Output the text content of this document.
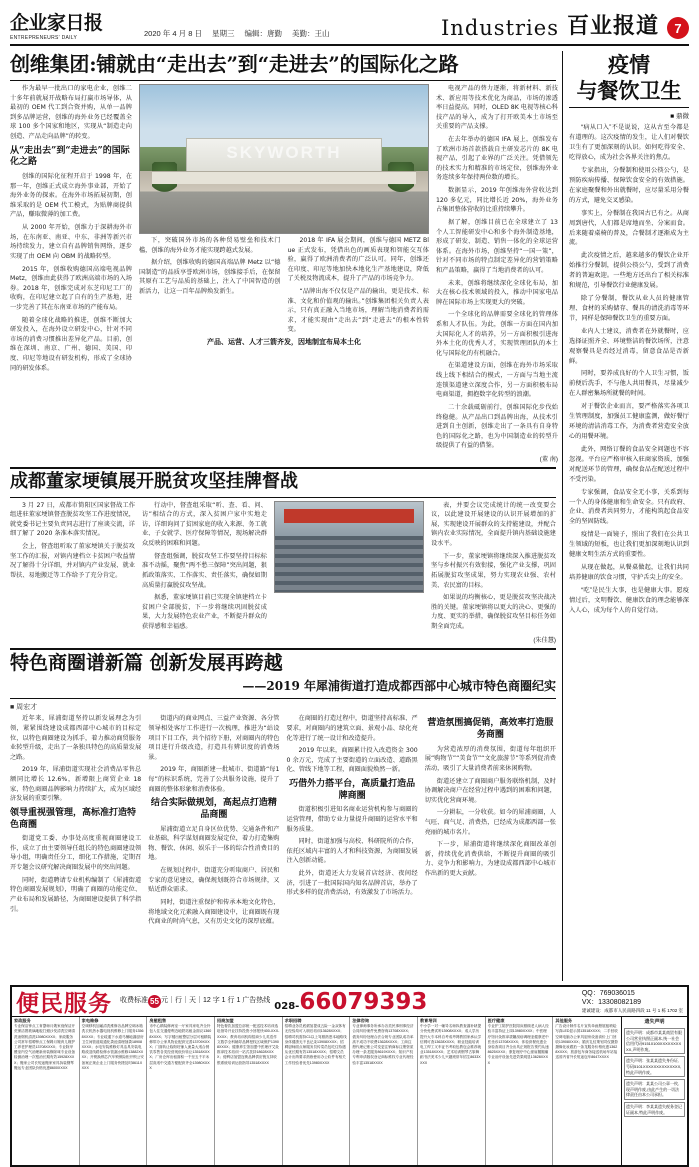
企业家日报
ENTREPRENEURS' DAILY	2020 年 4 月 8 日 星期三 编辑：唐勤 美勤：王山	Industries 百业报道	7
创维集团:铺就由“走出去”到“走进去”的国际化之路

作为最早一批出口的家电企业，创维二十多年前就展开战略布局打赢市场导体，从最初的 OEM 代工到合资并购，从单一品牌到多品牌运营，创维的海外业务已经覆盖全球 100 多个国家和地区，实现从“制造走向创造、产品走向品牌”的转变。

从“走出去”到“走进去”的国际化之路

创维的国际化征程开启于 1998 年，在那一年，创维正式成立海外事业部，开始了海外业务的探索。在海外市场拓展初期，创维采取的是 OEM 代工模式，为贴牌商提供产品，赚取微薄的加工费。

从 2000 年开始，创维力于深耕海外市场，在东南亚、南亚、中东、非洲等新兴市场持续发力，建立自有品牌销售网络，逐步实现了由 OEM 向 OBM 的战略转型。

2015 年，创维收购德国高端电视品牌 Metz，创维由此获得了欧洲高端市场的入场券。2018 年，创维完成对东芝印尼工厂的收购，在印尼建立起了自有的生产基地，进一步完善了其在东南亚市场的产能布局。

随着全球化战略的推进，创维不断加大研发投入，在海外设立研发中心，针对不同市场的消费习惯推出差异化产品。目前，创维在深圳、南京、广州、德国、美国、印度、印尼等地设有研发机构，形成了全球协同的研发体系。

SKYWORTH

下，突破国外市场的各种贸易壁垒和技术门槛，创维的海外业务才能实现跨越式发展。

据介绍，创维收购的德国高端品牌 Metz 以“德国制造”的品质享誉欧洲市场，创维接手后，在保留其原有工艺与品质的基础上，注入了中国智造的创新活力，让这一百年品牌焕发新生。

2018 年 IFA 展会期间，创维与德国 METZ Blue 正式发布，凭借出色的画质表现和智能交互体验，赢得了欧洲消费者的广泛认可。同年，创维还在印度、印尼等地加快本地化生产基地建设，降低了关税及物流成本，提升了产品的市场竞争力。

“品牌出海不仅仅是产品的输出，更是技术、标准、文化和价值观的输出。”创维集团相关负责人表示，只有真正融入当地市场，理解当地消费者的需求，才能实现由“走出去”到“走进去”的根本性转变。

产品、运营、人才三箭齐发，因地制宜布局本土化

电视产品的替力逐渐，将新材料、新技术、新应用等技术优化为商品，市场的渗透率日益提高。同时，OLED 8K 电视等核心科技产品的导入，成为了打开欧美本土市场至关重要的产品支撑。

在去年举办的德国 IFA 展上，创维发布了欧洲市场首款搭载自主研发芯片的 8K 电视产品，引起了业界的广泛关注。凭借领先的技术实力和精准的市场定位，创维海外业务连续多年保持两位数的增长。

数据显示，2019 年创维海外营收达到 120 多亿元，同比增长近 20%，海外业务占集团整体营收的比重持续攀升。

据了解，创维目前已在全球建立了 13 个人工智能研发中心和多个海外制造基地，形成了研发、制造、销售一体化的全球运营体系。在海外市场，创维坚持“一国一策”，针对不同市场的特点制定差异化的营销策略和产品策略，赢得了当地消费者的认可。

未来，创维将继续深化全球化布局，加大在核心技术领域的投入，推动中国家电品牌在国际市场上实现更大的突破。

一个全球化的品牌需要全球化的管理体系和人才队伍。为此，创维一方面在国内加大国际化人才的培养，另一方面积极引进海外本土化的优秀人才，实现管理团队的本土化与国际化的有机融合。

在渠道建设方面，创维在海外市场采取线上线下相结合的模式，一方面与当地主流连锁渠道建立深度合作，另一方面积极布局电商渠道，拥抱数字化转型的浪潮。

二十余载砥砺前行，创维国际化步伐始终稳健。从产品出口到品牌出海，从技术引进到自主创新，创维走出了一条具有自身特色的国际化之路，也为中国制造业的转型升级提供了有益的借鉴。

(董 南)
成都董家埂镇展开脱贫攻坚挂牌督战

3 月 27 日，成都市简阳区国家督战工作组进驻董家埂镇督查脱贫攻坚工作进度情况，就党委书记主要负责同志进行了座谈交流，详细了解了 2020 条准本落实情况。

会上，督查组听取了董家埂镇关于脱贫攻坚工作的汇报，对镇内建档立卡贫困户收益情况了解得十分详细，并对镇内产业发展、就业帮扶、易地搬迁等工作给予了充分肯定。

行动中，督查组采取“听、查、看、问、访”相结合的方式，深入贫困户家中实地走访，详细询问了贫困家庭的收入来源、务工就业、子女就学、医疗保障等情况，现场解决群众反映的困难和问题。

督查组强调，脱贫攻坚工作要坚持目标标准不动摇，聚焦“两不愁三保障”突出问题，狠抓政策落实、工作落实、责任落实，确保如期高质量打赢脱贫攻坚战。

据悉，董家埂镇目前已实现全镇建档立卡贫困户全部脱贫，下一步将继续巩固脱贫成果，大力发展特色农业产业，不断提升群众的获得感和幸福感。

表，并要会议完成统计的统一改变要会议，以此建设开展建设的认识开展增加的扩展，实现建设开展群众的支持能建设，并配合镇内农业实际情况，全面提升镇内基础设施建设水平。

下一步，董家埂镇将继续深入推进脱贫攻坚与乡村振兴有效衔接，强化产业支撑，巩固拓展脱贫攻坚成果，努力实现农业强、农村美、农民富的目标。

如果说的均衡核心，更是脱贫攻坚决战决胜的关键。董家埂镇将以更大的决心、更强的力度、更实的举措，确保脱贫攻坚目标任务如期全面完成。

(朱佳慧)
特色商圈谱新篇 创新发展再跨越
——2019 年犀浦街道打造成都西部中心城市特色商圈纪实
■ 周宏才

近年来，犀浦街道坚持以新发展理念为引领，紧紧围绕建设成都西部中心城市的目标定位，以特色商圈建设为抓手，着力推动商贸服务业转型升级，走出了一条独具特色的高质量发展之路。

2019 年，犀浦街道实现社会消费品零售总额同比增长 12.6%，新增限上商贸企业 18 家，特色商圈品牌影响力持续扩大，成为区域经济发展的重要引擎。

领导重视强管理，高标准打造特色商圈

街道党工委、办事处高度重视商圈建设工作，成立了由主要领导任组长的特色商圈建设领导小组，明确责任分工，细化工作措施，定期召开专题会议研究解决商圈发展中的突出问题。

同时，街道聘请专业机构编制了《犀浦街道特色商圈发展规划》，明确了商圈的功能定位、产业布局和发展路径，为商圈建设提供了科学指引。

街道内的商业网点、三益产业资源、各分管领导相处客厅工作进行一次梳理，推进为“站设项目下目工作，共个招待下册，对商圈内的特色项目进行升级改造，打造具有辨识度的消费场景。

2019 年，商圈新建一批城市、街道路“每1每”的标识系统，完善了公共服务设施，提升了商圈的整体形象和消费体验。

结合实际做规划，高起点打造精品商圈

犀浦街道立足自身区位优势、交通条件和产业基础，科学谋划商圈发展定位，着力打造集购物、餐饮、休闲、娱乐于一体的综合性消费目的地。

在规划过程中，街道充分听取商户、居民和专家的意见建议，确保规划既符合市场规律，又贴近群众需求。

同时，街道注重保护和传承本地文化特色，将地域文化元素融入商圈建设中，让商圈既有现代商业的时尚气息，又有历史文化的深厚底蕴。

在商圈的打造过程中，街道坚持高标准、严要求，对商圈内的建筑立面、景观小品、绿化亮化等进行了统一设计和改造提升。

2019 年以来，商圈累计投入改造资金 3000 余万元，完成了主要街道的立面改造、道路黑化、管线下地等工程，商圈面貌焕然一新。

巧借外力搭平台，高质量打造品牌商圈

街道积极引进知名商业运营机构参与商圈的运营管理，借助专业力量提升商圈的运营水平和服务质量。

同时，街道加强与高校、科研院所的合作，依托区域内丰富的人才和科技资源，为商圈发展注入创新动能。

此外，街道还大力发展首店经济、夜间经济，引进了一批国际国内知名品牌首店，举办了形式多样的促消费活动，有效激发了市场活力。

营造氛围搞促销，高效率打造服务商圈

为营造浓厚的消费氛围，街道每年组织开展“购物节”“美食节”“文化旅游节”等系列促消费活动，吸引了大量消费者前来休闲购物。

街道还建立了商圈商户服务联络机制，及时协调解决商户在经营过程中遇到的困难和问题，切实优化营商环境。

一分耕耘，一分收获。如今的犀浦商圈，人气旺、商气足、消费热，已经成为成都西部一张亮丽的城市名片。

下一步，犀浦街道将继续深化商圈改革创新，持续优化消费供给，不断提升商圈的吸引力、竞争力和影响力，为建设成都西部中心城市作出新的更大贡献。

疫情
与餐饮卫生
■ 鼎微

“病从口入”不是说说，这从古至今都是有道理的。这次疫情的发生，让人们对餐饮卫生有了更加深刻的认识。如何吃得安全、吃得放心，成为社会各界关注的焦点。

专家指出，分餐制和使用公筷公勺，是预防疾病传播、保障饮食安全的有效措施。在家庭聚餐和外出就餐时，应尽量采用分餐的方式，避免交叉感染。

事实上，分餐制在我国古已有之。从商周到唐代，人们都是席地而坐、分案而食。后来随着桌椅的普及，合餐制才逐渐成为主流。

此次疫情之后，越来越多的餐饮企业开始推行分餐制，提供公筷公勺，受到了消费者的普遍欢迎。一些地方还出台了相关标准和规范，引导餐饮行业健康发展。

除了分餐制，餐饮从业人员的健康管理、食材的采购储存、餐具的清洗消毒等环节，同样是保障餐饮卫生的重要方面。

业内人士建议，消费者在外就餐时，应选择证照齐全、环境整洁的餐饮场所，注意观察餐具是否经过消毒，留意食品是否新鲜。

同时，要养成良好的个人卫生习惯，饭前便后洗手，不与他人共用餐具，尽量减少在人群密集场所就餐的时间。

对于餐饮企业而言，要严格落实各项卫生管理制度，加强员工健康监测，做好餐厅环境的清洁消毒工作，为消费者营造安全放心的用餐环境。

此外，网络订餐的食品安全问题也不容忽视。平台应严格审核入驻商家资质，加强对配送环节的管理，确保食品在配送过程中不受污染。

专家强调，食品安全无小事，关系到每一个人的身体健康和生命安全。只有政府、企业、消费者共同努力，才能构筑起食品安全的坚固防线。

疫情是一面镜子，照出了我们在公共卫生领域的短板，也让我们更加深刻地认识到健康文明生活方式的重要性。

从现在做起，从餐桌做起，让我们共同培养健康的饮食习惯，守护舌尖上的安全。

“吃”是民生大事，也是健康大事。愿疫情过后，文明餐饮、健康饮食的理念能够深入人心，成为每个人的自觉行动。

便民服务 收费标准 55 元｜行｜天｜12 字 1 行 1 广告热线 028-66079393	QQ：769036015
VX：13308082189
建诚建设：成都市人民南路四段 11 号 1 栋 1702 室
家政服务
专业保洁钟点工育婴师月嫂家庭保洁开荒保洁擦玻璃地板打蜡沙发清洗空调清洗油烟机清洗13980XXXX；家政服务公司常年招聘钟点工保姆月嫂育儿嫂护工养老护理员13708XXXX；专业除甲醛室内空气治理新房装修除味专业设备检测治理一次根治长期有效15928XXXX；搬家公司长短途搬家家具拆装钢琴搬运专业团队价格优惠8600XXXX
家电维修
空调移机加氟清洗维修各品牌空调冰箱洗衣机热水器电视机维修上门服务13568XXXX；专业疏通下水道马桶地漏厨房卫生间管道疏通化粪池清理抽粪18908XXXX；水电安装维修灯具洁具安装电路改造线路检修水管漏水维修13882XXXX；开锁换锁芯汽车锁保险柜开锁公安备案正规企业上门服务快捷及时8611XXXX
房屋租售
市中心精装修两室一厅家具家电齐全拎包入住交通便利近地铁站租金面议13608XXXX；写字楼出租整层分层可租精装修带办公家具物业配套完善13709XXXX；门面转让临街旺铺人流量大适合餐饮零售各类经营现低价转让13518XXXX；厂房仓库出租面积一千至五千平米层高适中交通方便配套齐全13980XXXX
招商加盟
特色餐饮加盟总部统一配送技术培训选址指导开业扶持投资小回报快400-XXX-XXXX；教育培训机构招商少儿英语作文数学全科辅导品牌授权区域保护13908XXXX；健康养生馆加盟中医理疗艾灸推拿技术培训一站式扶持18628XXXX；便利店加盟连锁品牌供应链支持收银系统培训运营指导13518XXXX
求职招聘
招聘业务员底薪加提成五险一金双休有无经验均可入职后培训13628XXXX；招聘司机需持C1以上驾照熟悉本地路线身体健康无不良记录13908XXXX；招聘厨师面点师服务员传菜员包吃住待遇从优长期有效13518XXXX；招聘文员会计出纳要求熟练使用办公软件有相关工作经验者优先13980XXXX
法律咨询
专业律师事务所承办各类民事刑事经济合同纠纷案件免费咨询13708XXXX；债务纠纷处理合法合规专业团队成功率高不成功不收费13628XXXX；工商注册代理记账公司变更注销商标注册资质办理一条龙服务8619XXXX；知识产权专利申请版权登记商标维权专业代理经验丰富13518XXXX
教育培训
中小学一对一辅导名师执教查漏补缺提分快免费试听13908XXXX；成人学历提升大专本科自考成考网教国家承认学信网可查13628XXXX；职业技能培训电工焊工叉车证书考取包教包会推荐就业13518XXXX；艺术培训钢琴古筝舞蹈书法美术少儿兴趣班常年招生8633XXXX
医疗健康
专业护工陪护医院陪床照顾老人病人经验丰富持证上岗13980XXXX；中医理疗馆针灸推拿拔罐刮痧调理亚健康老中医坐诊13708XXXX；体检套餐优惠全身检查项目齐全出具正规报告预约从速8625XXXX；康复理疗中心颈肩腰腿痛专业治疗设备先进效果明显13628XXXX
其他服务
广告设计制作名片宣传单画册展板喷绘写真LED显示屏13518XXXX；二手回收空调电脑办公家具厨房设备高价上门回收13908XXXX；婚庆礼仪策划司仪摄影摄像化妆跟拍一条龙服务价格优惠13628XXXX；旅游包车商务接送机场车站接送省内省外长短途包车8647XXXX
遗失声明
遗失声明：成都市某某商贸有限公司营业执照正副本,统一社会信用代码91510100XXXXXXXXXX,声明作废。
遗失声明：张某某遗失身份证,号码5101XXXXXXXXXXXXXX,特此声明作废。
遗失声明：某某公司公章一枚,现声明作废,由此产生的一切法律责任由本公司承担。
遗失声明：李某某遗失税务登记证副本,特此声明作废。
